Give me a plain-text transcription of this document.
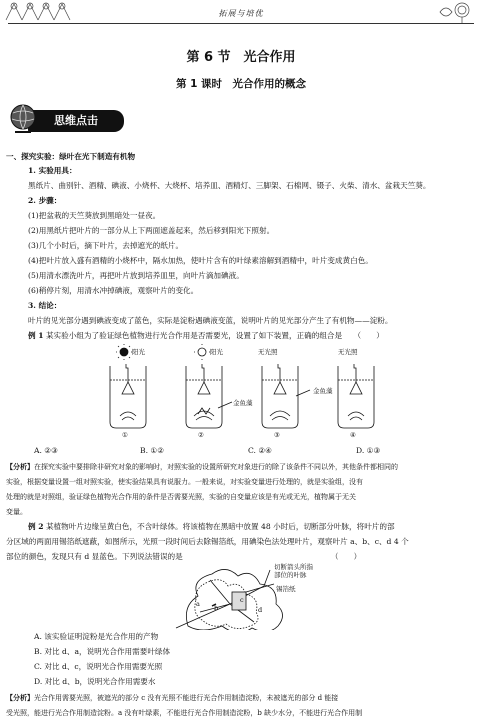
拓展与培优
第 6 节　光合作用
第 1 课时　光合作用的概念
思维点击
一、探究实验：绿叶在光下制造有机物
1. 实验用具：
黑纸片、曲别针、酒精、碘液、小烧杯、大烧杯、培养皿、酒精灯、三脚架、石棉网、镊子、火柴、清水、盆栽天竺葵。
2. 步骤：
(1)把盆栽的天竺葵放到黑暗处一昼夜。
(2)用黑纸片把叶片的一部分从上下两面遮盖起来，然后移到阳光下照射。
(3)几个小时后，摘下叶片，去掉遮光的纸片。
(4)把叶片放入盛有酒精的小烧杯中，隔水加热，使叶片含有的叶绿素溶解到酒精中，叶片变成黄白色。
(5)用清水漂洗叶片，再把叶片放到培养皿里，向叶片滴加碘液。
(6)稍停片刻，用清水冲掉碘液，观察叶片的变化。
3. 结论：
叶片的见光部分遇到碘液变成了蓝色，实际是淀粉遇碘液变蓝，说明叶片的见光部分产生了有机物——淀粉。
例 1 某实验小组为了验证绿色植物进行光合作用是否需要光，设置了如下装置，正确的组合是　　（　　）
阳光	阳光	无光照	无光照
金鱼藻
金鱼藻
①	②	③	④
A. ②③	B. ①②	C. ②④	D. ①③
【分析】在探究实验中要排除非研究对象的影响时，对照实验的设置所研究对象进行的除了该条件不同以外，其他条件都相同的
实验，根据变量设置一组对照实验，使实验结果具有说服力。一般来说，对实验变量进行处理的，就是实验组，没有
处理的就是对照组，验证绿色植物光合作用的条件是否需要光照，实验的自变量应该是有光或无光，植物属于无关
变量。
例 2 某植物叶片边缘呈黄白色，不含叶绿体。将该植物在黑暗中放置 48 小时后，切断部分叶脉，将叶片的部
分区域的两面用锡箔纸遮蔽，如图所示，光照一段时间后去除锡箔纸，用碘染色法处理叶片，观察叶片 a、b、c、d 4 个
部位的颜色，发现只有 d 显蓝色。下列说法错误的是　　　　　　　　　　　　　　　　　　　　（　　）
切断箭头所指
部位的叶脉
锡箔纸
a b
c
d
A. 该实验证明淀粉是光合作用的产物
B. 对比 d、a，说明光合作用需要叶绿体
C. 对比 d、c，说明光合作用需要光照
D. 对比 d、b，说明光合作用需要水
【分析】光合作用需要光照，被遮光的部分 c 没有光照不能进行光合作用制造淀粉，未被遮光的部分 d 能接
受光照，能进行光合作用制造淀粉。a 没有叶绿素，不能进行光合作用制造淀粉，b 缺少水分，不能进行光合作用制
